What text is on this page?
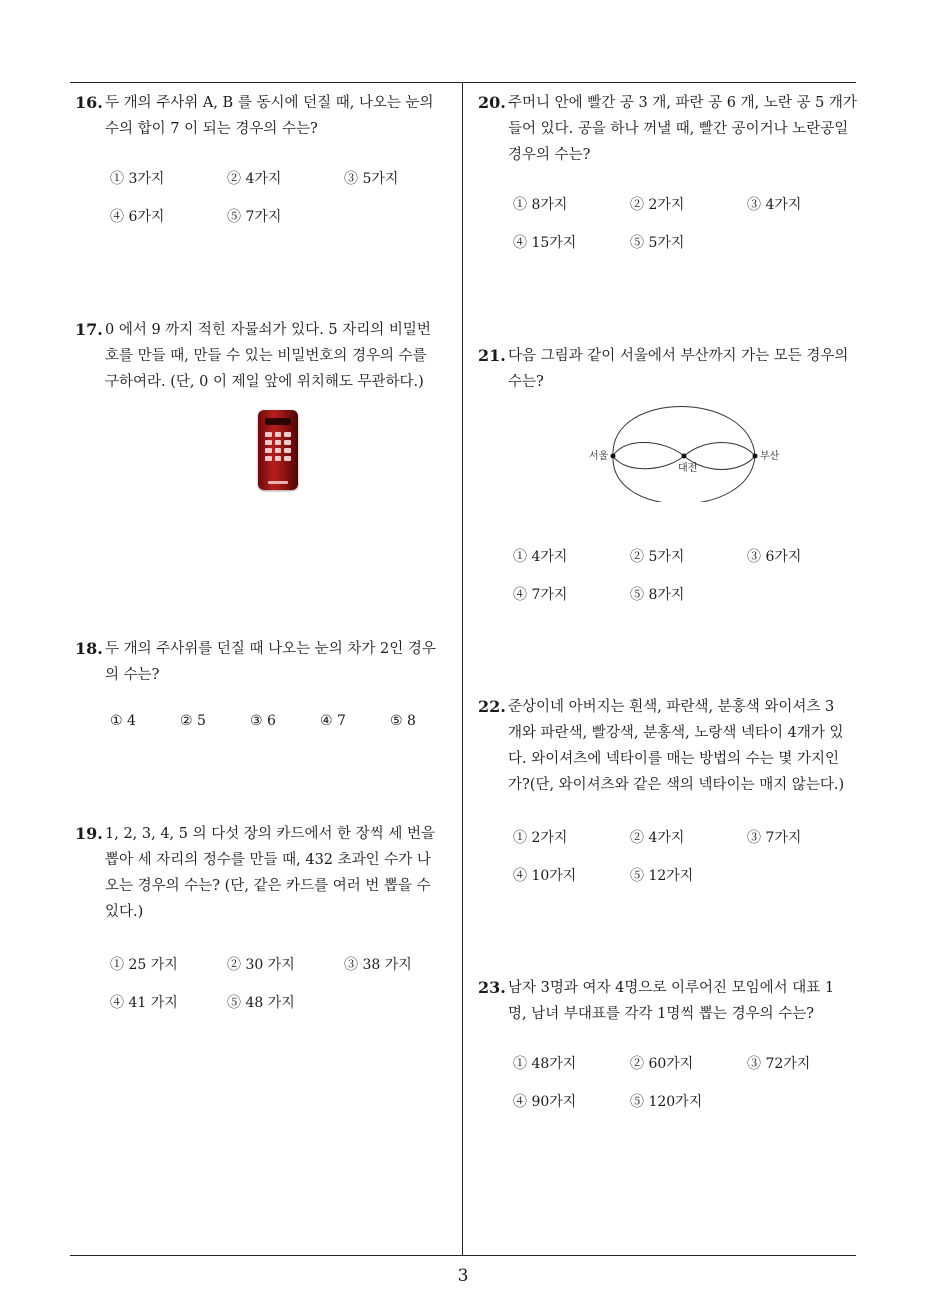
16. 두 개의 주사위 A, B 를 동시에 던질 때, 나오는 눈의
수의 합이 7 이 되는 경우의 수는?
① 3가지	② 4가지	③ 5가지
④ 6가지	⑤ 7가지
17. 0 에서 9 까지 적힌 자물쇠가 있다. 5 자리의 비밀번
호를 만들 때, 만들 수 있는 비밀번호의 경우의 수를
구하여라. (단, 0 이 제일 앞에 위치해도 무관하다.)
18. 두 개의 주사위를 던질 때 나오는 눈의 차가 2인 경우
의 수는?
① 4	② 5	③ 6	④ 7	⑤ 8
19. 1, 2, 3, 4, 5 의 다섯 장의 카드에서 한 장씩 세 번을
뽑아 세 자리의 정수를 만들 때, 432 초과인 수가 나
오는 경우의 수는? (단, 같은 카드를 여러 번 뽑을 수
있다.)
① 25 가지	② 30 가지	③ 38 가지
④ 41 가지	⑤ 48 가지
20. 주머니 안에 빨간 공 3 개, 파란 공 6 개, 노란 공 5 개가
들어 있다. 공을 하나 꺼낼 때, 빨간 공이거나 노란공일
경우의 수는?
① 8가지	② 2가지	③ 4가지
④ 15가지	⑤ 5가지
21. 다음 그림과 같이 서울에서 부산까지 가는 모든 경우의
수는?
서울
대전
부산
① 4가지	② 5가지	③ 6가지
④ 7가지	⑤ 8가지
22. 준상이네 아버지는 흰색, 파란색, 분홍색 와이셔츠 3
개와 파란색, 빨강색, 분홍색, 노랑색 넥타이 4개가 있
다. 와이셔츠에 넥타이를 매는 방법의 수는 몇 가지인
가?(단, 와이셔츠와 같은 색의 넥타이는 매지 않는다.)
① 2가지	② 4가지	③ 7가지
④ 10가지	⑤ 12가지
23. 남자 3명과 여자 4명으로 이루어진 모임에서 대표 1
명, 남녀 부대표를 각각 1명씩 뽑는 경우의 수는?
① 48가지	② 60가지	③ 72가지
④ 90가지	⑤ 120가지
3
